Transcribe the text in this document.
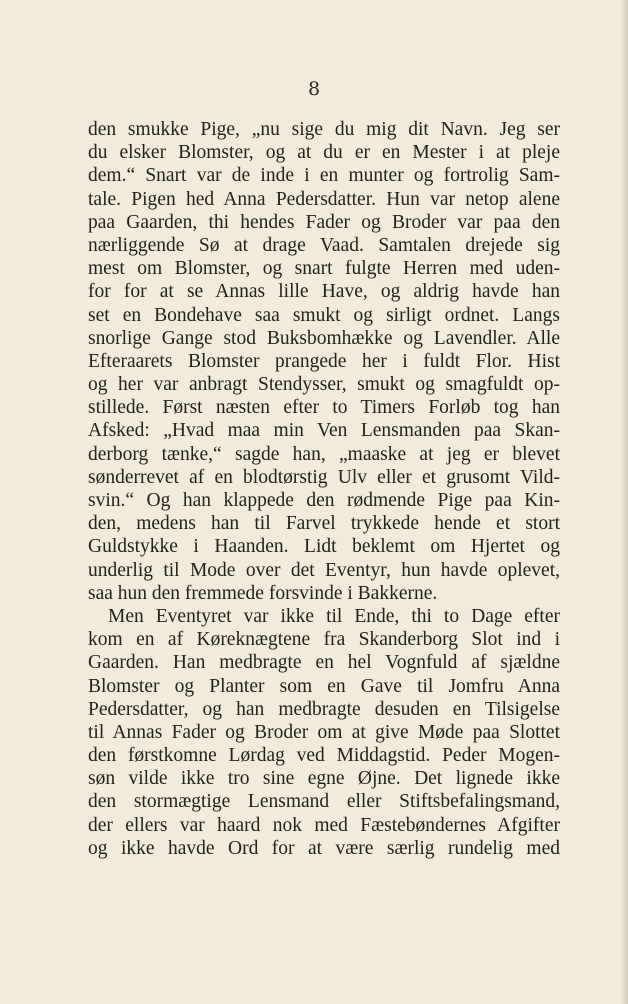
8
den smukke Pige, „nu sige du mig dit Navn. Jeg ser
du elsker Blomster, og at du er en Mester i at pleje
dem.“ Snart var de inde i en munter og fortrolig Sam-
tale. Pigen hed Anna Pedersdatter. Hun var netop alene
paa Gaarden, thi hendes Fader og Broder var paa den
nærliggende Sø at drage Vaad. Samtalen drejede sig
mest om Blomster, og snart fulgte Herren med uden-
for for at se Annas lille Have, og aldrig havde han
set en Bondehave saa smukt og sirligt ordnet. Langs
snorlige Gange stod Buksbomhække og Lavendler. Alle
Efteraarets Blomster prangede her i fuldt Flor. Hist
og her var anbragt Stendysser, smukt og smagfuldt op-
stillede. Først næsten efter to Timers Forløb tog han
Afsked: „Hvad maa min Ven Lensmanden paa Skan-
derborg tænke,“ sagde han, „maaske at jeg er blevet
sønderrevet af en blodtørstig Ulv eller et grusomt Vild-
svin.“ Og han klappede den rødmende Pige paa Kin-
den, medens han til Farvel trykkede hende et stort
Guldstykke i Haanden. Lidt beklemt om Hjertet og
underlig til Mode over det Eventyr, hun havde oplevet,
saa hun den fremmede forsvinde i Bakkerne.
Men Eventyret var ikke til Ende, thi to Dage efter
kom en af Køreknægtene fra Skanderborg Slot ind i
Gaarden. Han medbragte en hel Vognfuld af sjældne
Blomster og Planter som en Gave til Jomfru Anna
Pedersdatter, og han medbragte desuden en Tilsigelse
til Annas Fader og Broder om at give Møde paa Slottet
den førstkomne Lørdag ved Middagstid. Peder Mogen-
søn vilde ikke tro sine egne Øjne. Det lignede ikke
den stormægtige Lensmand eller Stiftsbefalingsmand,
der ellers var haard nok med Fæstebøndernes Afgifter
og ikke havde Ord for at være særlig rundelig med
